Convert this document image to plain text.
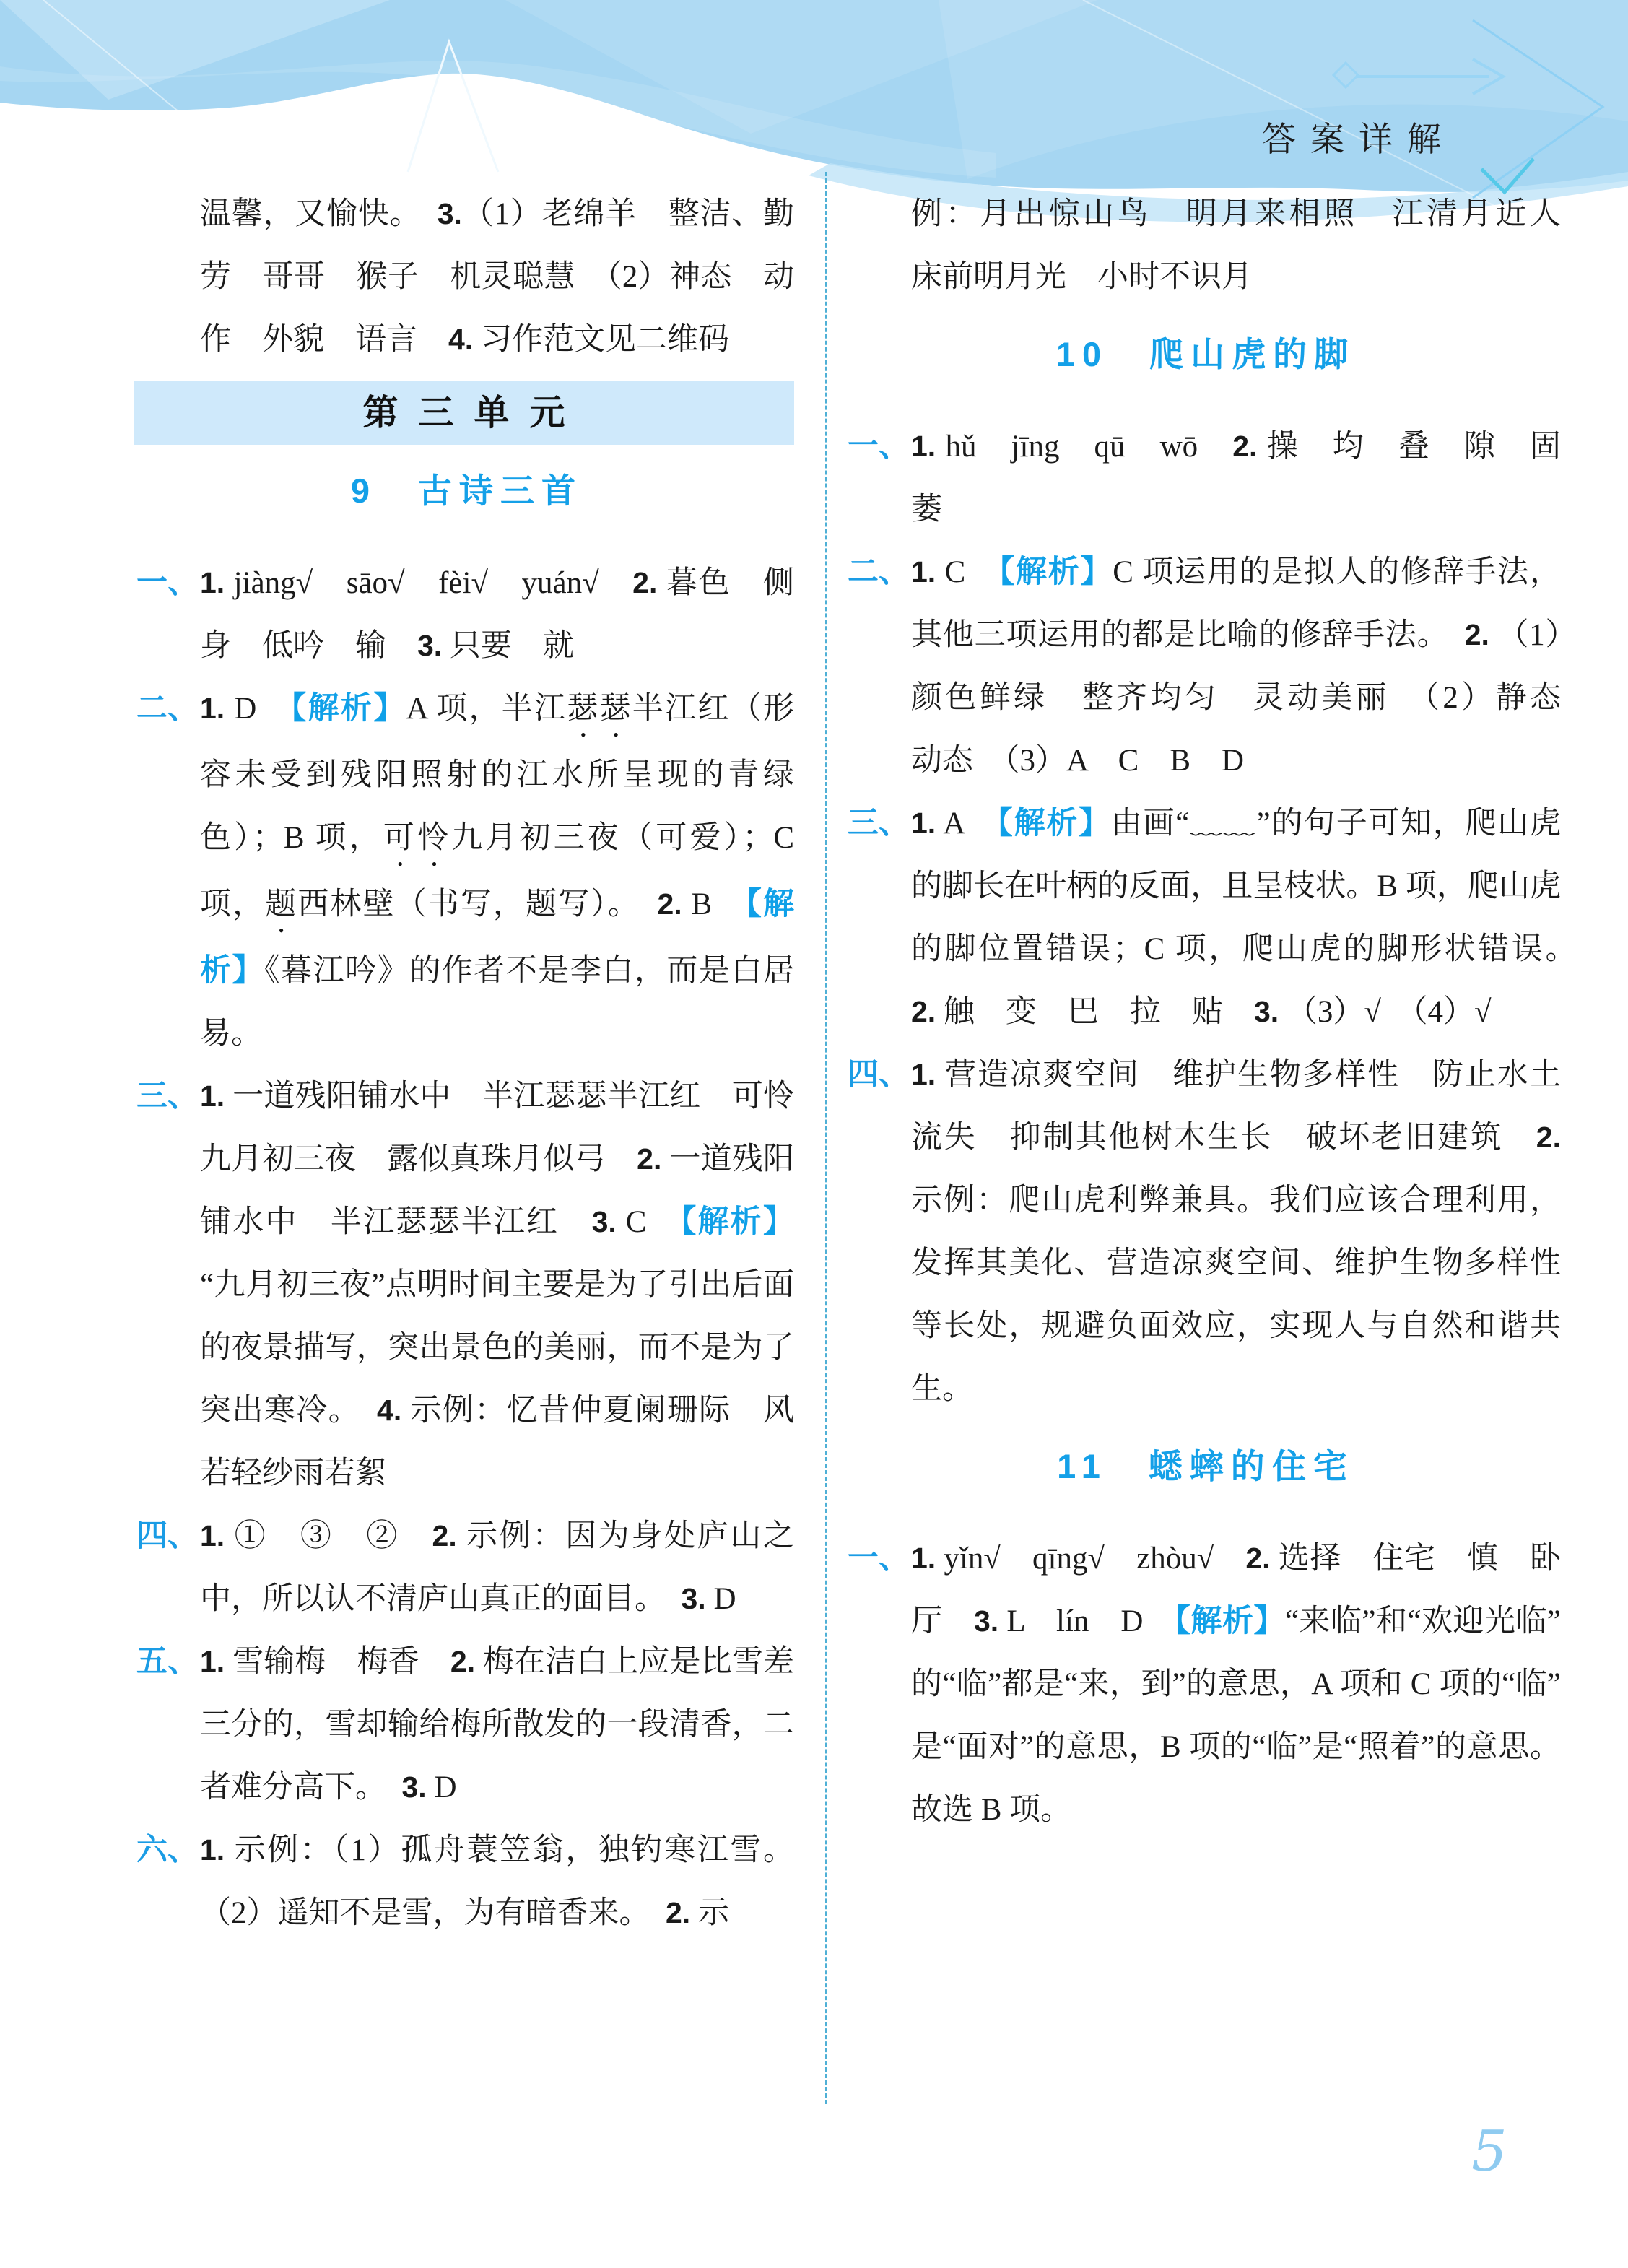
答案详解
温馨，又愉快。　3.（1）老绵羊　整洁、勤劳　哥哥　猴子　机灵聪慧　（2）神态　动作　外貌　语言　4. 习作范文见二维码
第三单元
9　古诗三首
一、 1. jiàng√　sāo√　fèi√　yuán√　2. 暮色　侧身　低吟　输　3. 只要　就
二、 1. D　【解析】A 项，半江瑟瑟半江红（形容未受到残阳照射的江水所呈现的青绿色）；B 项，可怜九月初三夜（可爱）；C 项，题西林壁（书写，题写）。　2. B　【解析】《暮江吟》的作者不是李白，而是白居易。
三、 1. 一道残阳铺水中　半江瑟瑟半江红　可怜九月初三夜　露似真珠月似弓　2. 一道残阳铺水中　半江瑟瑟半江红　3. C　【解析】“九月初三夜”点明时间主要是为了引出后面的夜景描写，突出景色的美丽，而不是为了突出寒冷。　4. 示例：忆昔仲夏阑珊际　风若轻纱雨若絮
四、 1. ①　③　②　2. 示例：因为身处庐山之中，所以认不清庐山真正的面目。　3. D
五、 1. 雪输梅　梅香　2. 梅在洁白上应是比雪差三分的，雪却输给梅所散发的一段清香，二者难分高下。　3. D
六、 1. 示例：（1）孤舟蓑笠翁，独钓寒江雪。（2）遥知不是雪，为有暗香来。　2. 示
例：月出惊山鸟　明月来相照　江清月近人　床前明月光　小时不识月
10　爬山虎的脚
一、 1. hǔ　jīng　qū　wō　2. 操　均　叠　隙　固　萎
二、 1. C　【解析】C 项运用的是拟人的修辞手法，其他三项运用的都是比喻的修辞手法。　2. （1）颜色鲜绿　整齐均匀　灵动美丽　（2）静态　动态　（3）A　C　B　D
三、 1. A　【解析】由画“﹏﹏”的句子可知，爬山虎的脚长在叶柄的反面，且呈枝状。B 项，爬山虎的脚位置错误；C 项，爬山虎的脚形状错误。　2. 触　变　巴　拉　贴　3. （3）√　（4）√
四、 1. 营造凉爽空间　维护生物多样性　防止水土流失　抑制其他树木生长　破坏老旧建筑　2. 示例：爬山虎利弊兼具。我们应该合理利用，发挥其美化、营造凉爽空间、维护生物多样性等长处，规避负面效应，实现人与自然和谐共生。
11　蟋蟀的住宅
一、 1. yǐn√　qīng√　zhòu√　2. 选择　住宅　慎　卧　厅　3. L　lín　D　【解析】“来临”和“欢迎光临”的“临”都是“来，到”的意思，A 项和 C 项的“临”是“面对”的意思，B 项的“临”是“照着”的意思。故选 B 项。
5
